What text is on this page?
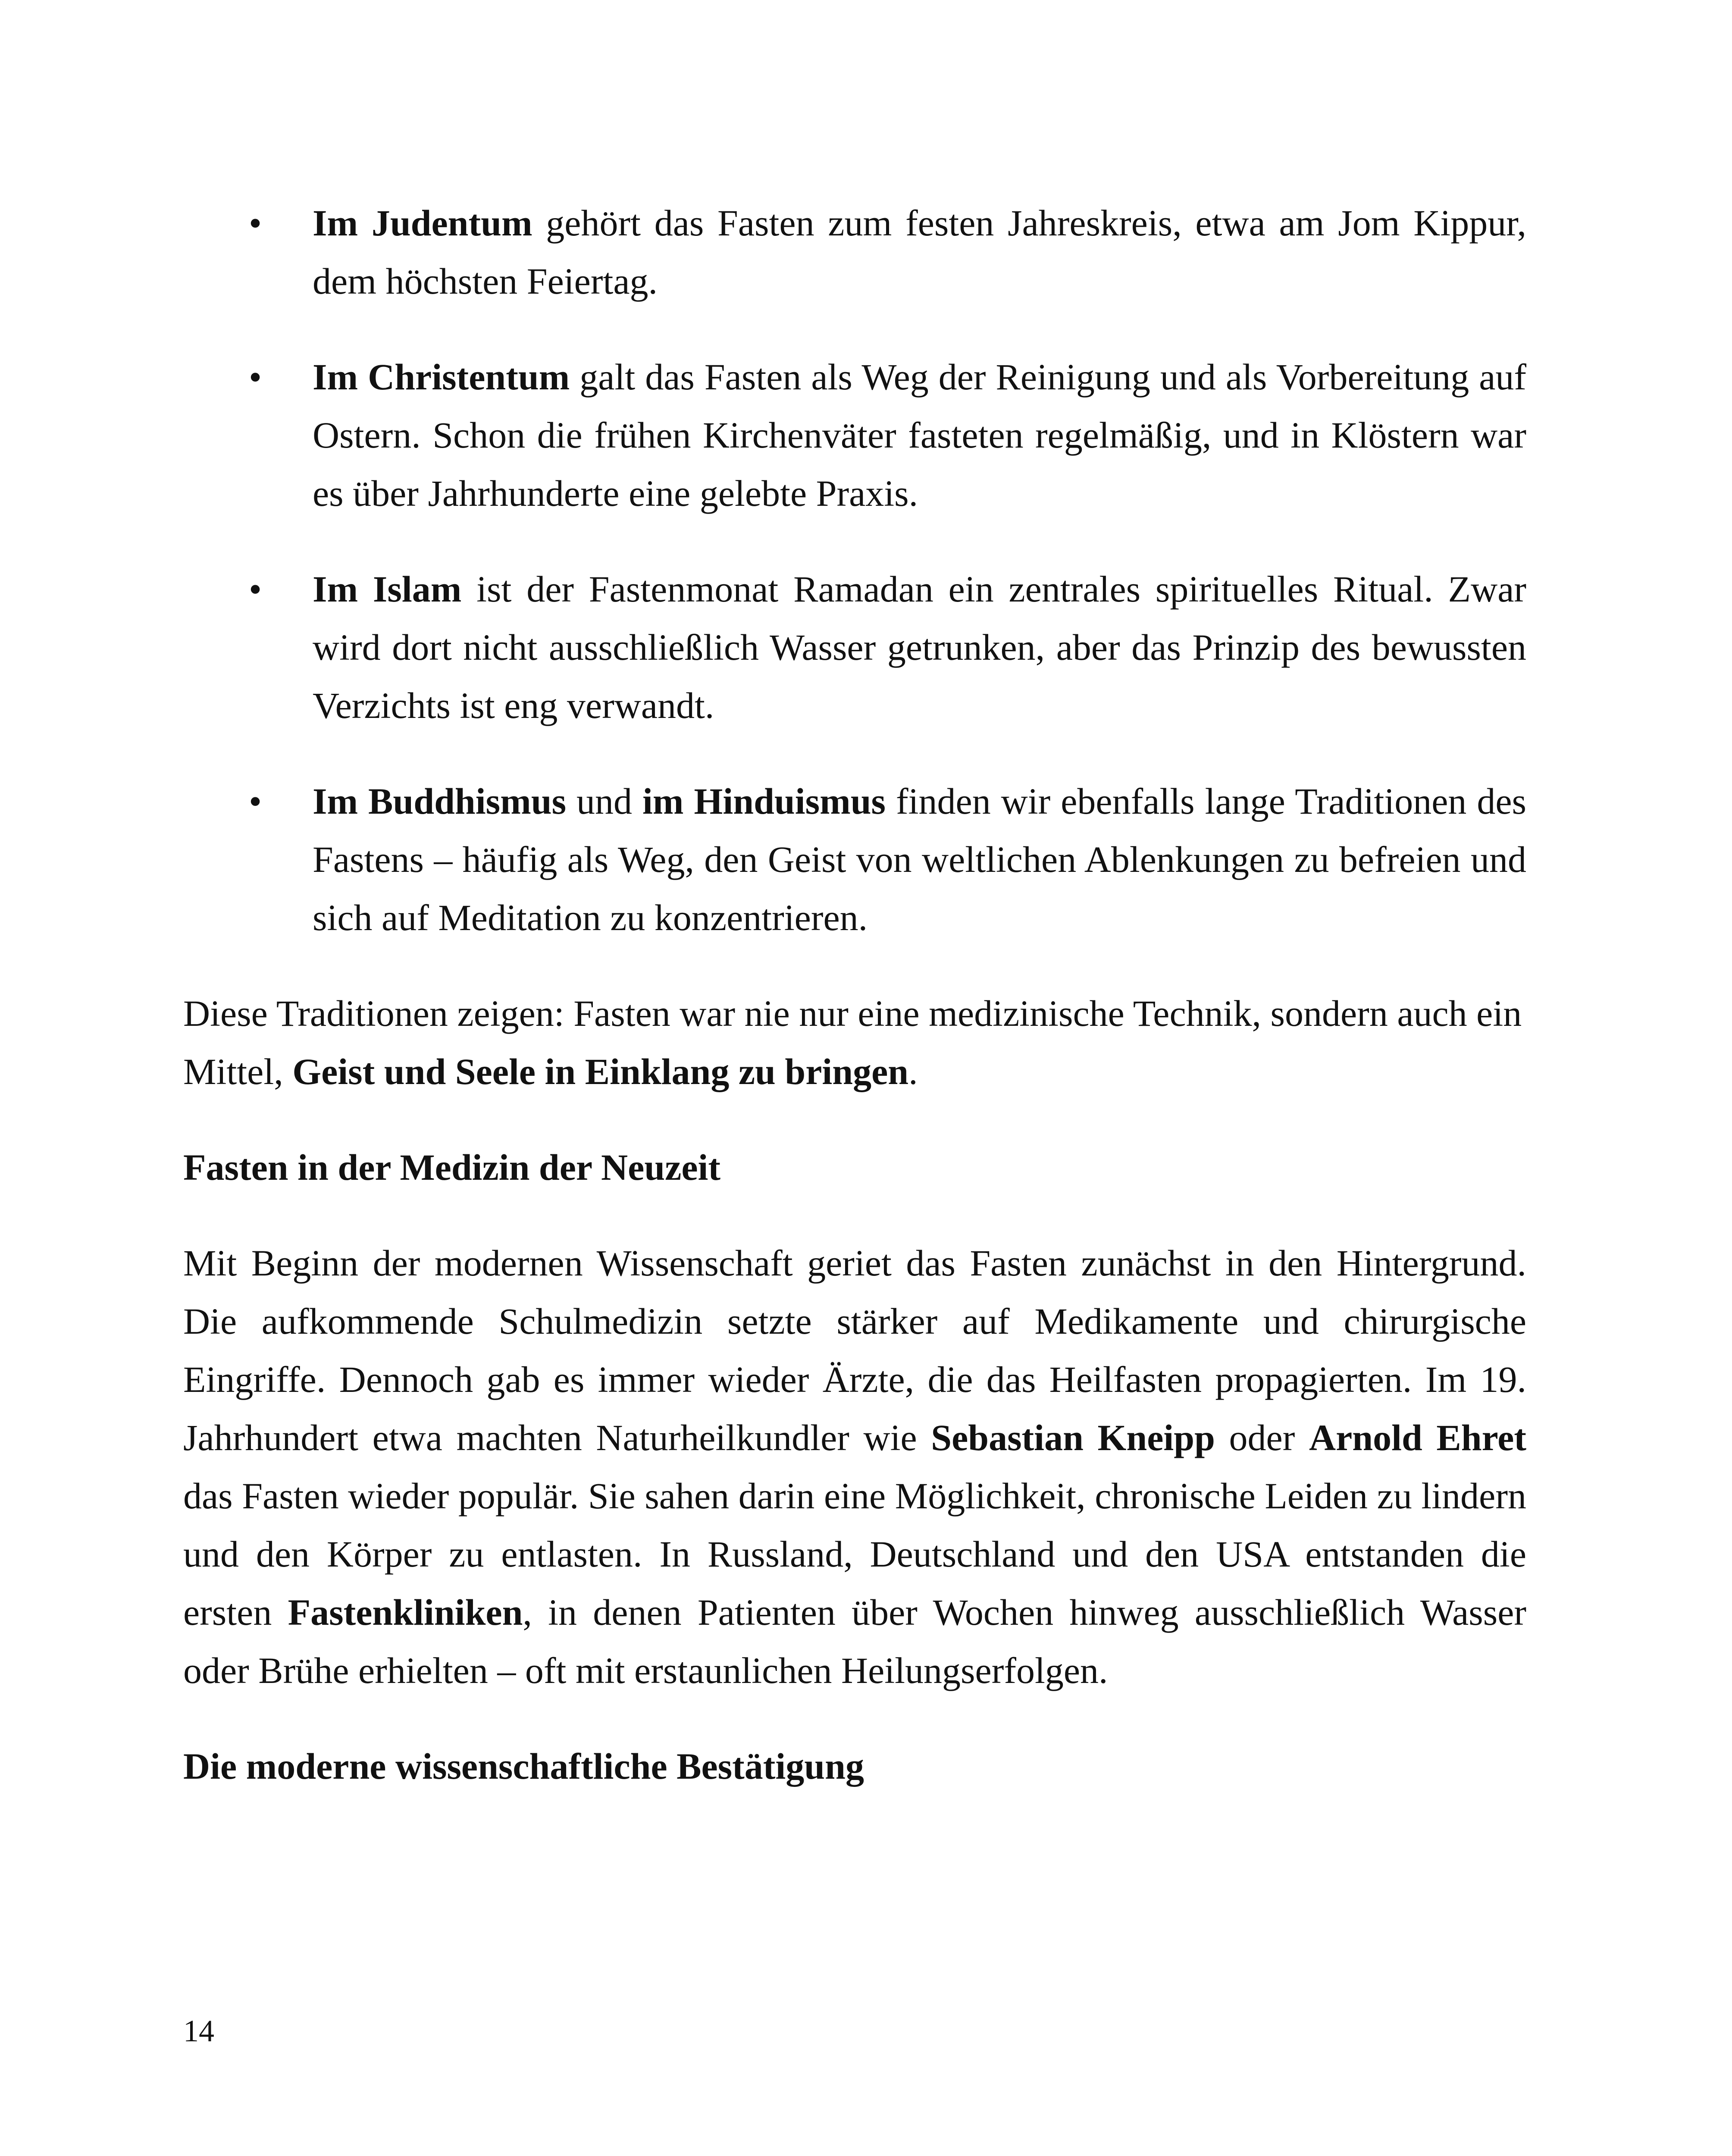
•	Im Judentum gehört das Fasten zum festen Jahreskreis, etwa am Jom Kippur, dem höchsten Feiertag.
•	Im Christentum galt das Fasten als Weg der Reinigung und als Vorbereitung auf Ostern. Schon die frühen Kirchenväter fasteten regelmäßig, und in Klöstern war es über Jahrhunderte eine gelebte Praxis.
•	Im Islam ist der Fastenmonat Ramadan ein zentrales spirituelles Ritual. Zwar wird dort nicht ausschließlich Wasser getrunken, aber das Prinzip des bewussten Verzichts ist eng verwandt.
•	Im Buddhismus und im Hinduismus finden wir ebenfalls lange Traditionen des Fastens – häufig als Weg, den Geist von weltlichen Ablenkungen zu befreien und sich auf Meditation zu konzentrieren.

Diese Traditionen zeigen: Fasten war nie nur eine medizinische Technik, sondern auch ein Mittel, Geist und Seele in Einklang zu bringen.

Fasten in der Medizin der Neuzeit

Mit Beginn der modernen Wissenschaft geriet das Fasten zunächst in den Hintergrund. Die aufkommende Schulmedizin setzte stärker auf Medikamente und chirurgische Eingriffe. Dennoch gab es immer wieder Ärzte, die das Heilfasten propagierten. Im 19. Jahrhundert etwa machten Naturheilkundler wie Sebastian Kneipp oder Arnold Ehret das Fasten wieder populär. Sie sahen darin eine Möglichkeit, chronische Leiden zu lindern und den Körper zu entlasten. In Russland, Deutschland und den USA entstanden die ersten Fastenkliniken, in denen Patienten über Wochen hinweg ausschließlich Wasser oder Brühe erhielten – oft mit erstaunlichen Heilungserfolgen.

Die moderne wissenschaftliche Bestätigung
14
